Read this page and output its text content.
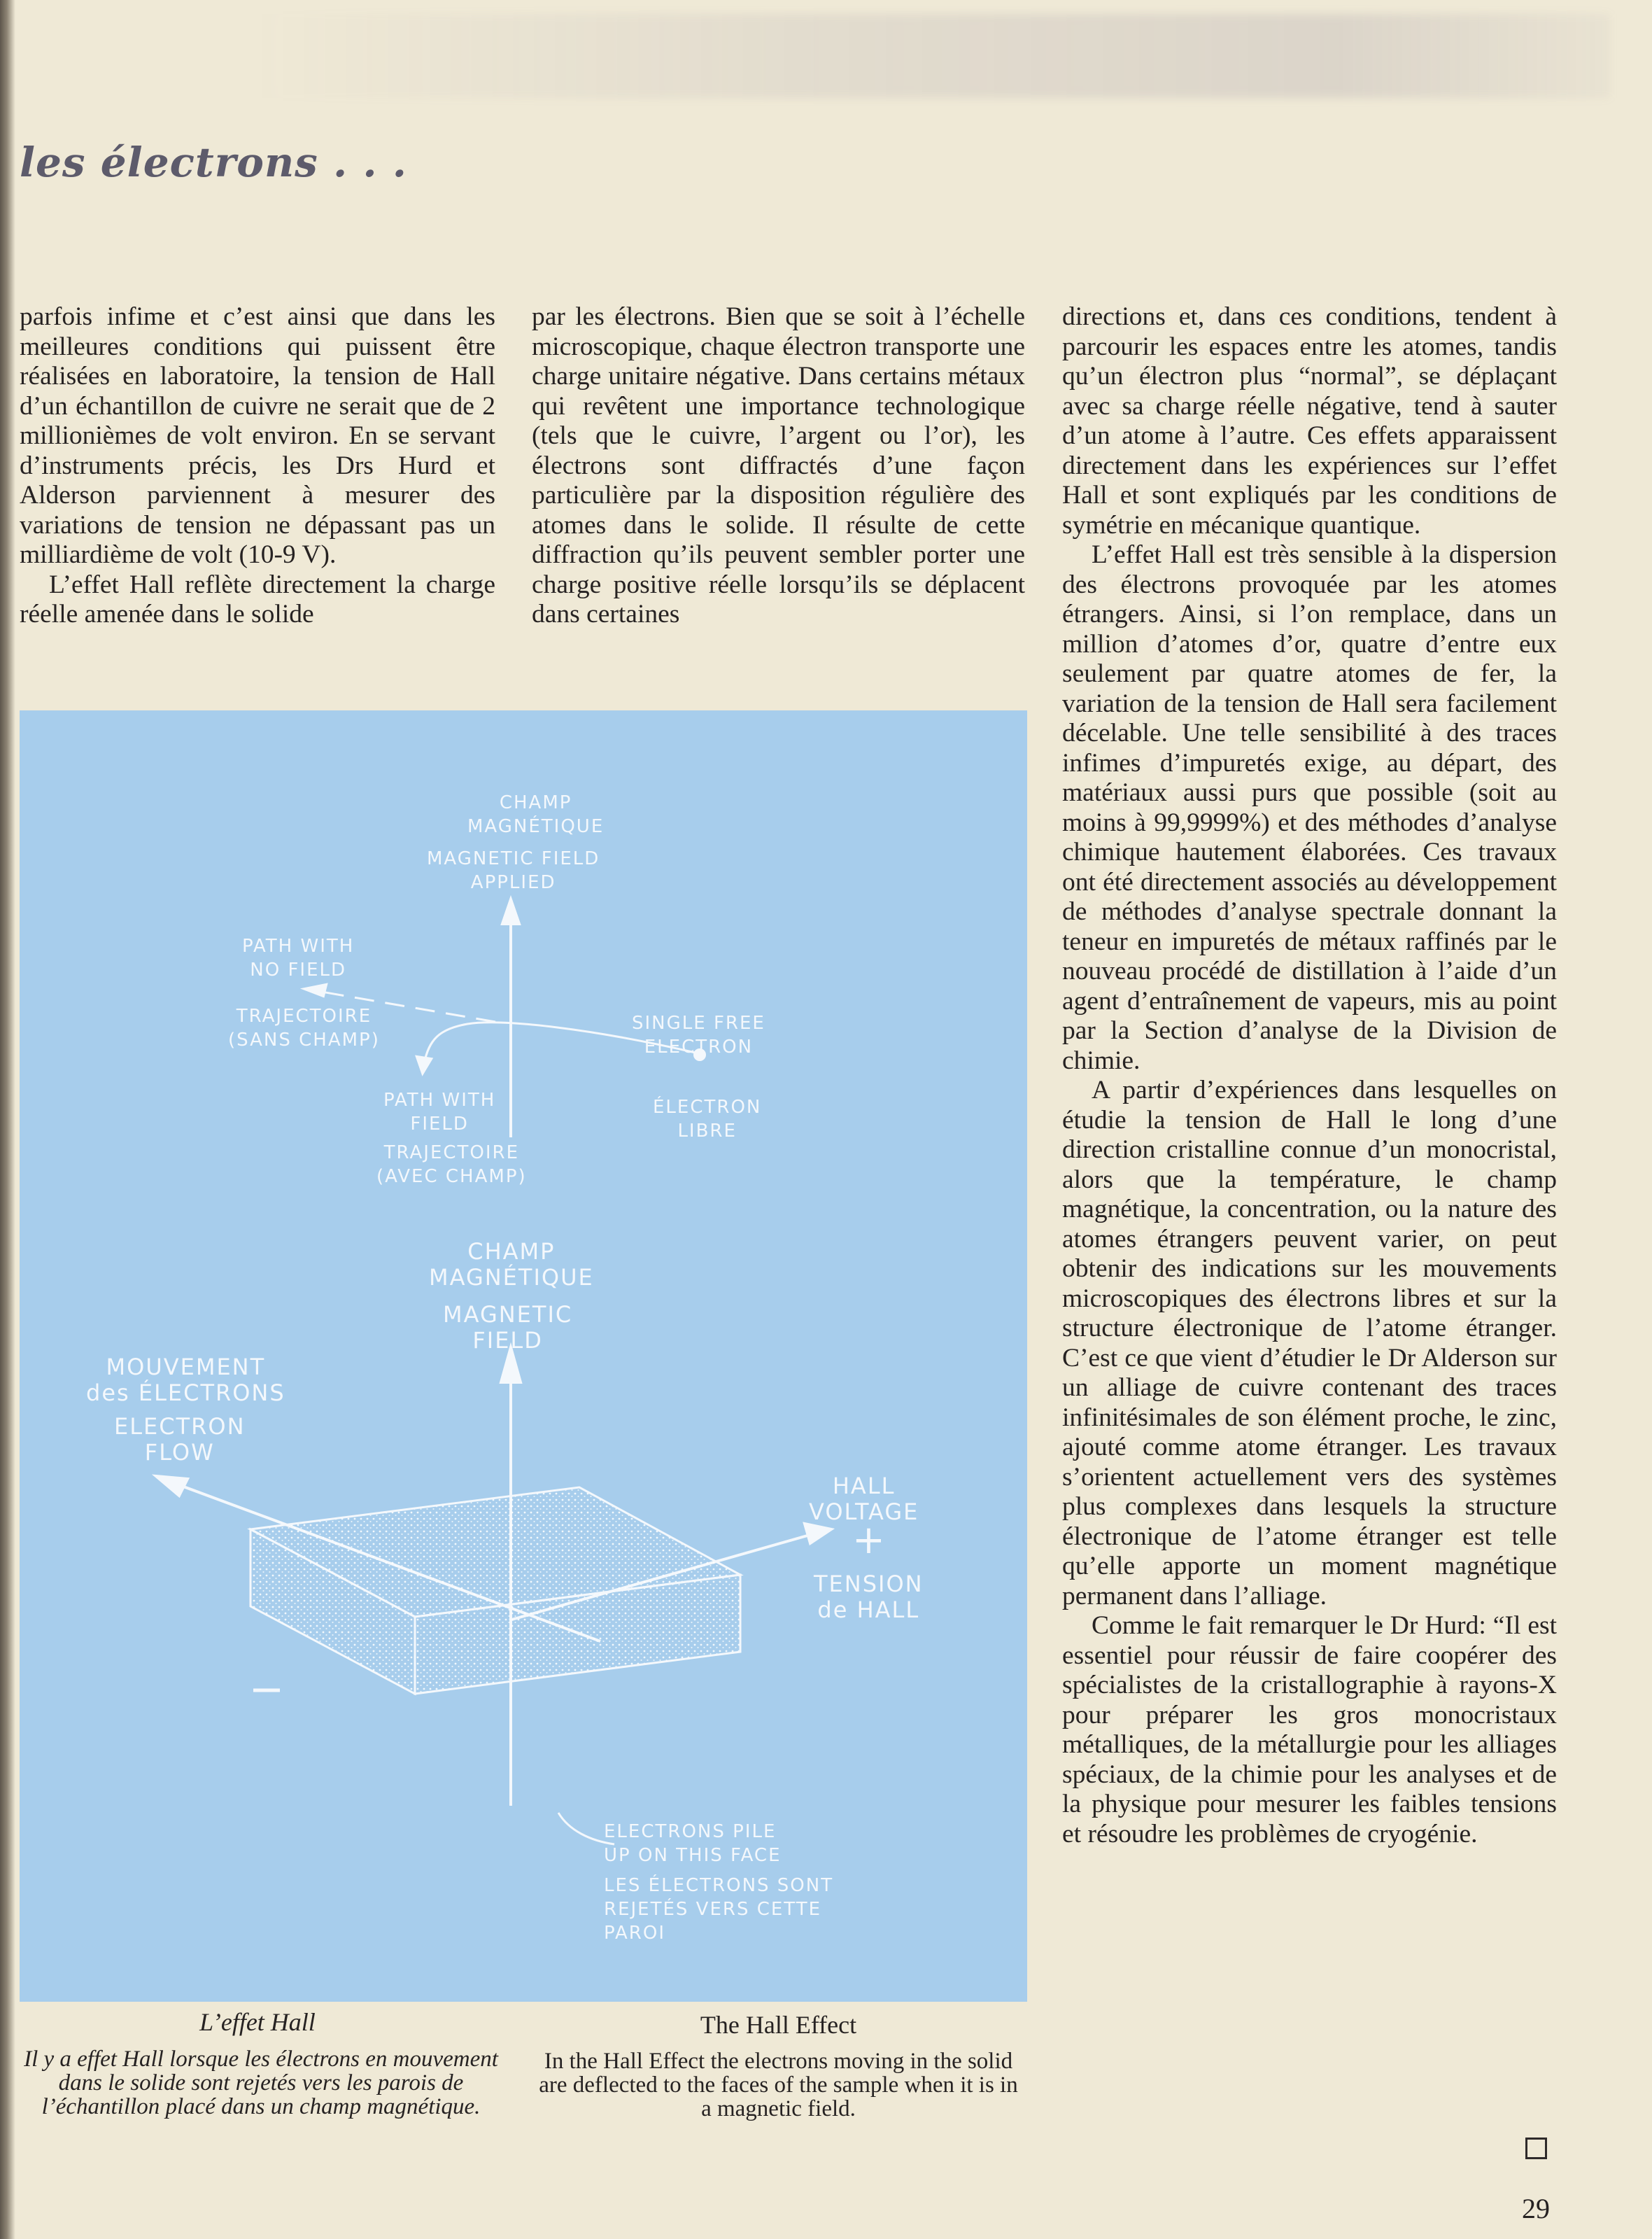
les électrons . . .

parfois infime et c’est ainsi que dans les meilleures conditions qui puissent être réalisées en laboratoire, la tension de Hall d’un échantillon de cuivre ne serait que de 2 millionièmes de volt environ. En se servant d’instruments précis, les Drs Hurd et Alderson parviennent à mesurer des variations de tension ne dépassant pas un milliardième de volt (10-9 V).

L’effet Hall reflète directement la charge réelle amenée dans le solide

par les électrons. Bien que se soit à l’échelle microscopique, chaque électron transporte une charge unitaire négative. Dans certains métaux qui revêtent une importance technologique (tels que le cuivre, l’argent ou l’or), les électrons sont diffractés d’une façon particulière par la disposition régulière des atomes dans le solide. Il résulte de cette diffraction qu’ils peuvent sembler porter une charge positive réelle lorsqu’ils se déplacent dans certaines

directions et, dans ces conditions, tendent à parcourir les espaces entre les atomes, tandis qu’un électron plus “normal”, se déplaçant avec sa charge réelle négative, tend à sauter d’un atome à l’autre. Ces effets apparaissent directement dans les expériences sur l’effet Hall et sont expliqués par les conditions de symétrie en mécanique quantique.

L’effet Hall est très sensible à la dispersion des électrons provoquée par les atomes étrangers. Ainsi, si l’on remplace, dans un million d’atomes d’or, quatre d’entre eux seulement par quatre atomes de fer, la variation de la tension de Hall sera facilement décelable. Une telle sensibilité à des traces infimes d’impuretés exige, au départ, des matériaux aussi purs que possible (soit au moins à 99,9999%) et des méthodes d’analyse chimique hautement élaborées. Ces travaux ont été directement associés au développement de méthodes d’analyse spectrale donnant la teneur en impuretés de métaux raffinés par le nouveau procédé de distillation à l’aide d’un agent d’entraînement de vapeurs, mis au point par la Section d’analyse de la Division de chimie.

A partir d’expériences dans lesquelles on étudie la tension de Hall le long d’une direction cristalline connue d’un monocristal, alors que la température, le champ magnétique, la concentration, ou la nature des atomes étrangers peuvent varier, on peut obtenir des indications sur les mouvements microscopiques des électrons libres et sur la structure électronique de l’atome étranger. C’est ce que vient d’étudier le Dr Alderson sur un alliage de cuivre contenant des traces infinitésimales de son élément proche, le zinc, ajouté comme atome étranger. Les travaux s’orientent actuellement vers des systèmes plus complexes dans lesquels la structure électronique de l’atome étranger est telle qu’elle apporte un moment magnétique permanent dans l’alliage.

Comme le fait remarquer le Dr Hurd: “Il est essentiel pour réussir de faire coopérer des spécialistes de la cristallographie à rayons-X pour préparer les gros monocristaux métalliques, de la métallurgie pour les alliages spéciaux, de la chimie pour les analyses et de la physique pour mesurer les faibles tensions et résoudre les problèmes de cryogénie.

CHAMP
MAGNÉTIQUE
MAGNETIC FIELD
APPLIED
PATH WITH
NO FIELD
TRAJECTOIRE
(SANS CHAMP)
SINGLE FREE
ELECTRON
ÉLECTRON
LIBRE
PATH WITH
FIELD
TRAJECTOIRE
(AVEC CHAMP)
CHAMP
MAGNÉTIQUE
MAGNETIC
FIELD
MOUVEMENT
des ÉLECTRONS
ELECTRON
FLOW
HALL
VOLTAGE
+
TENSION
de HALL
ELECTRONS PILE
UP ON THIS FACE
LES ÉLECTRONS SONT
REJETÉS VERS CETTE
PAROI
L’effet Hall
Il y a effet Hall lorsque les électrons en mouvement dans le solide sont rejetés vers les parois de l’échantillon placé dans un champ magnétique.
The Hall Effect
In the Hall Effect the electrons moving in the solid are deflected to the faces of the sample when it is in a magnetic field.
29
